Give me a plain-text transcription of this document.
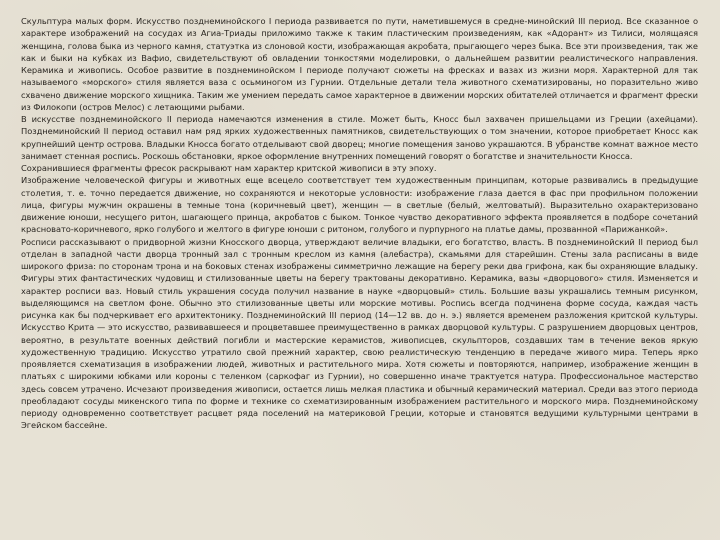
Скульптура малых форм. Искусство позднеминойского I периода развивается по пути, наметившемуся в средне-минойский III период. Все сказанное о характере изображений на сосудах из Агиа-Триады приложимо также к таким пластическим произведениям, как «Адорант» из Тилиси, молящаяся женщина, голова быка из черного камня, статуэтка из слоновой кости, изображающая акробата, прыгающего через быка. Все эти произведения, так же как и быки на кубках из Вафио, свидетельствуют об овладении тонкостями моделировки, о дальнейшем развитии реалистического направления. Керамика и живопись. Особое развитие в позднеминойском I периоде получают сюжеты на фресках и вазах из жизни моря. Характерной для так называемого «морского» стиля является ваза с осьминогом из Гурнии. Отдельные детали тела животного схематизированы, но поразительно живо схвачено движение морского хищника. Таким же умением передать самое характерное в движении морских обитателей отличается и фрагмент фрески из Филокопи (остров Мелос) с летающими рыбами.

В искусстве позднеминойского II периода намечаются изменения в стиле. Может быть, Кносс был захвачен пришельцами из Греции (ахейцами). Позднеминойский II период оставил нам ряд ярких художественных памятников, свидетельствующих о том значении, которое приобретает Кносс как крупнейший центр острова. Владыки Кносса богато отделывают свой дворец; многие помещения заново украшаются. В убранстве комнат важное место занимает стенная роспись. Роскошь обстановки, яркое оформление внутренних помещений говорят о богатстве и значительности Кносса.

Сохранившиеся фрагменты фресок раскрывают нам характер критской живописи в эту эпоху.

Изображение человеческой фигуры и животных еще всецело соответствует тем художественным принципам, которые развивались в предыдущие столетия, т. е. точно передается движение, но сохраняются и некоторые условности: изображение глаза дается в фас при профильном положении лица, фигуры мужчин окрашены в темные тона (коричневый цвет), женщин — в светлые (белый, желтоватый). Выразительно охарактеризовано движение юноши, несущего ритон, шагающего принца, акробатов с быком. Тонкое чувство декоративного эффекта проявляется в подборе сочетаний красновато-коричневого, ярко голубого и желтого в фигуре юноши с ритоном, голубого и пурпурного на платье дамы, прозванной «Парижанкой».

Росписи рассказывают о придворной жизни Кносского дворца, утверждают величие владыки, его богатство, власть. В позднеминойский II период был отделан в западной части дворца тронный зал с тронным креслом из камня (алебастра), скамьями для старейшин. Стены зала расписаны в виде широкого фриза: по сторонам трона и на боковых стенах изображены симметрично лежащие на берегу реки два грифона, как бы охраняющие владыку. Фигуры этих фантастических чудовищ и стилизованные цветы на берегу трактованы декоративно. Керамика, вазы «дворцового» стиля. Изменяется и характер росписи ваз. Новый стиль украшения сосуда получил название в науке «дворцовый» стиль. Большие вазы украшались темным рисунком, выделяющимся на светлом фоне. Обычно это стилизованные цветы или морские мотивы. Роспись всегда подчинена форме сосуда, каждая часть рисунка как бы подчеркивает его архитектонику. Позднеминойский III период (14—12 вв. до н. э.) является временем разложения критской культуры. Искусство Крита — это искусство, развивавшееся и процветавшее преимущественно в рамках дворцовой культуры. С разрушением дворцовых центров, вероятно, в результате военных действий погибли и мастерские керамистов, живописцев, скульпторов, создавших там в течение веков яркую художественную традицию. Искусство утратило свой прежний характер, свою реалистическую тенденцию в передаче живого мира. Теперь ярко проявляется схематизация в изображении людей, животных и растительного мира. Хотя сюжеты и повторяются, например, изображение женщин в платьях с широкими юбками или короны с теленком (саркофаг из Гурнии), но совершенно иначе трактуется натура. Профессиональное мастерство здесь совсем утрачено. Исчезают произведения живописи, остается лишь мелкая пластика и обычный керамический материал. Среди ваз этого периода преобладают сосуды микенского типа по форме и технике со схематизированным изображением растительного и морского мира. Позднеминойскому периоду одновременно соответствует расцвет ряда поселений на материковой Греции, которые и становятся ведущими культурными центрами в Эгейском бассейне.
